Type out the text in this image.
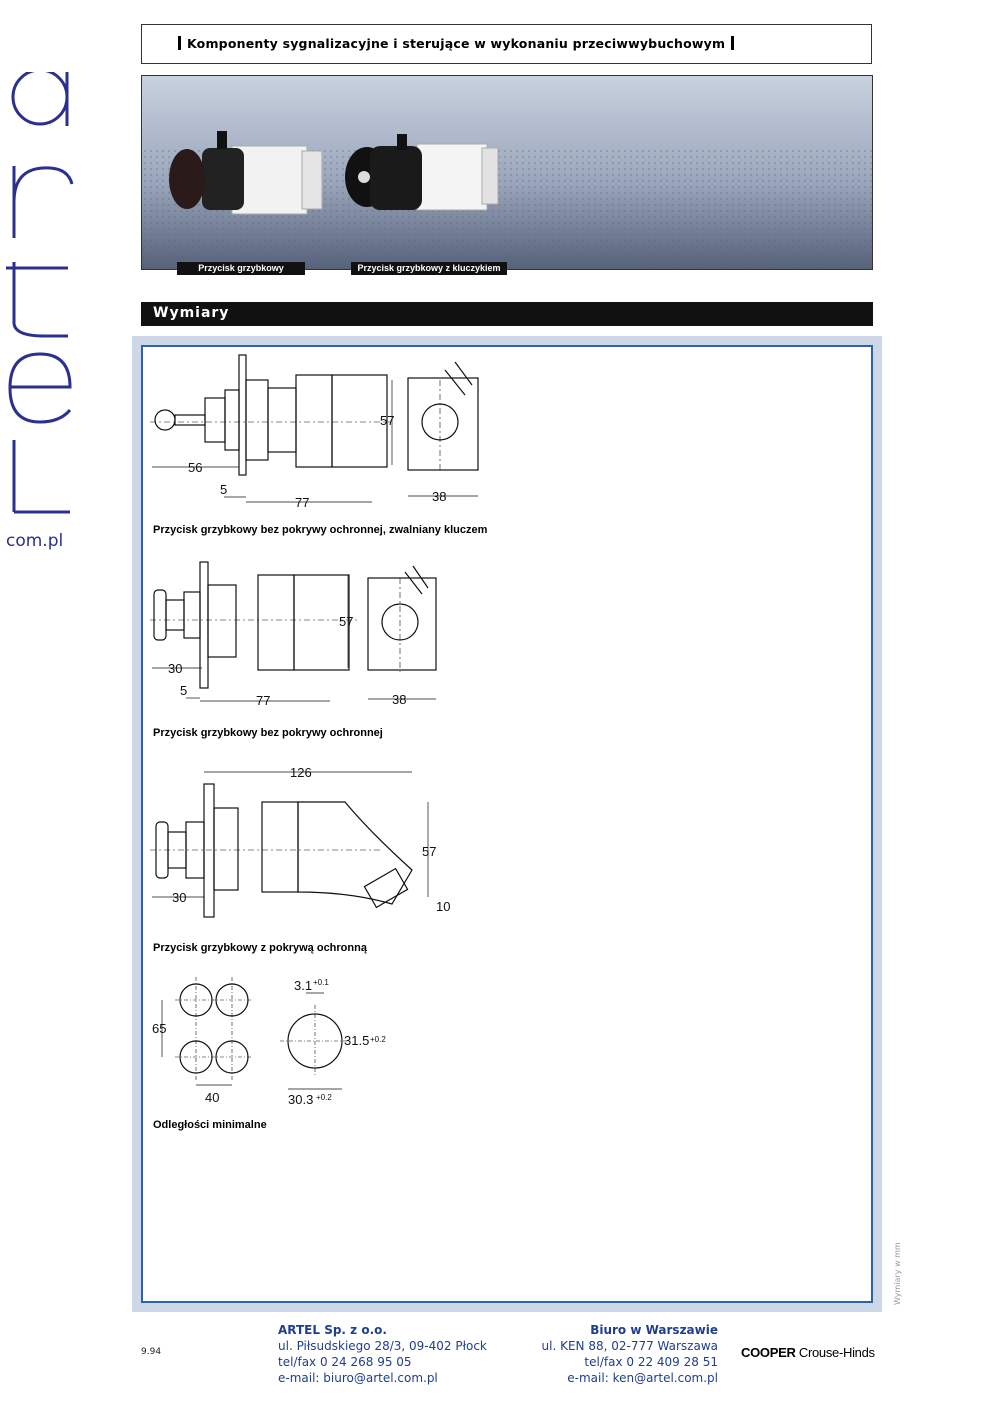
com.pl
Komponenty sygnalizacyjne i sterujące w wykonaniu przeciwwybuchowym
Przycisk grzybkowy	Przycisk grzybkowy z kluczykiem
Wymiary
56
5
77
57
38
Przycisk grzybkowy bez pokrywy ochronnej, zwalniany kluczem
30
5
77
57
38
Przycisk grzybkowy bez pokrywy ochronnej
126
57
30
10
Przycisk grzybkowy z pokrywą ochronną
65
40
3.1 +0.1
31.5 +0.2
30.3 +0.2
Odległości minimalne
Wymiary w mm
9.94
ARTEL Sp. z o.o.
ul. Piłsudskiego 28/3, 09-402 Płock
tel/fax 0 24 268 95 05
e-mail: biuro@artel.com.pl
Biuro w Warszawie
ul. KEN 88, 02-777 Warszawa
tel/fax 0 22 409 28 51
e-mail: ken@artel.com.pl
COOPER Crouse-Hinds
